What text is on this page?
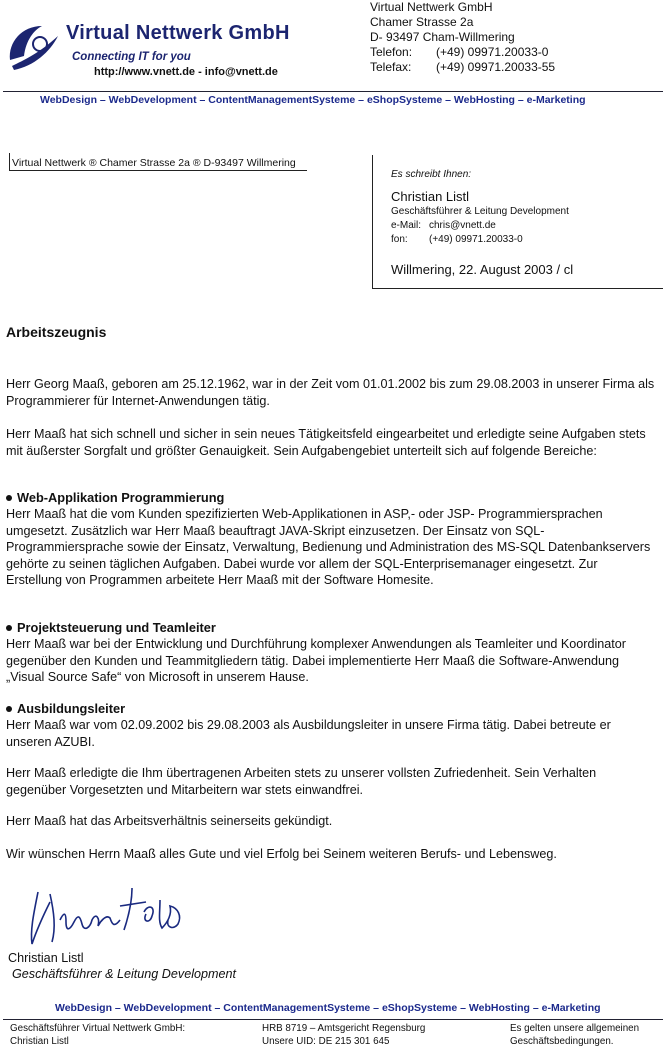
Virtual Nettwerk GmbH
Connecting IT for you
http://www.vnett.de - info@vnett.de
Virtual Nettwerk GmbH
Chamer Strasse 2a
D- 93497 Cham-Willmering
Telefon: (+49) 09971.20033-0
Telefax: (+49) 09971.20033-55
WebDesign – WebDevelopment – ContentManagementSysteme – eShopSysteme – WebHosting – e-Marketing
Virtual Nettwerk ® Chamer Strasse 2a ® D-93497 Willmering
Es schreibt Ihnen:
Christian Listl
Geschäftsführer & Leitung Development
e-Mail: chris@vnett.de
fon: (+49) 09971.20033-0
Willmering, 22. August 2003 / cl
Arbeitszeugnis
Herr Georg Maaß, geboren am 25.12.1962, war in der Zeit vom 01.01.2002 bis zum 29.08.2003 in unserer Firma als Programmierer für Internet-Anwendungen tätig.
Herr Maaß hat sich schnell und sicher in sein neues Tätigkeitsfeld eingearbeitet und erledigte seine Aufgaben stets mit äußerster Sorgfalt und größter Genauigkeit. Sein Aufgabengebiet unterteilt sich auf folgende Bereiche:
Web-Applikation Programmierung
Herr Maaß hat die vom Kunden spezifizierten Web-Applikationen in ASP,- oder JSP- Programmiersprachen umgesetzt. Zusätzlich war Herr Maaß beauftragt JAVA-Skript einzusetzen. Der Einsatz von SQL-Programmiersprache sowie der Einsatz, Verwaltung, Bedienung und Administration des MS-SQL Datenbankservers gehörte zu seinen täglichen Aufgaben. Dabei wurde vor allem der SQL-Enterprisemanager eingesetzt. Zur Erstellung von Programmen arbeitete Herr Maaß mit der Software Homesite.
Projektsteuerung und Teamleiter
Herr Maaß war bei der Entwicklung und Durchführung komplexer Anwendungen als Teamleiter und Koordinator gegenüber den Kunden und Teammitgliedern tätig. Dabei implementierte Herr Maaß die Software-Anwendung „Visual Source Safe“ von Microsoft in unserem Hause.
Ausbildungsleiter
Herr Maaß war vom 02.09.2002 bis 29.08.2003 als Ausbildungsleiter in unsere Firma tätig. Dabei betreute er unseren AZUBI.
Herr Maaß erledigte die Ihm übertragenen Arbeiten stets zu unserer vollsten Zufriedenheit. Sein Verhalten gegenüber Vorgesetzten und Mitarbeitern war stets einwandfrei.
Herr Maaß hat das Arbeitsverhältnis seinerseits gekündigt.
Wir wünschen Herrn Maaß alles Gute und viel Erfolg bei Seinem weiteren Berufs- und Lebensweg.
Christian Listl
Geschäftsführer & Leitung Development
WebDesign – WebDevelopment – ContentManagementSysteme – eShopSysteme – WebHosting – e-Marketing
Geschäftsführer Virtual Nettwerk GmbH:
Christian Listl
HRB 8719 – Amtsgericht Regensburg
Unsere UID: DE 215 301 645
Es gelten unsere allgemeinen
Geschäftsbedingungen.
